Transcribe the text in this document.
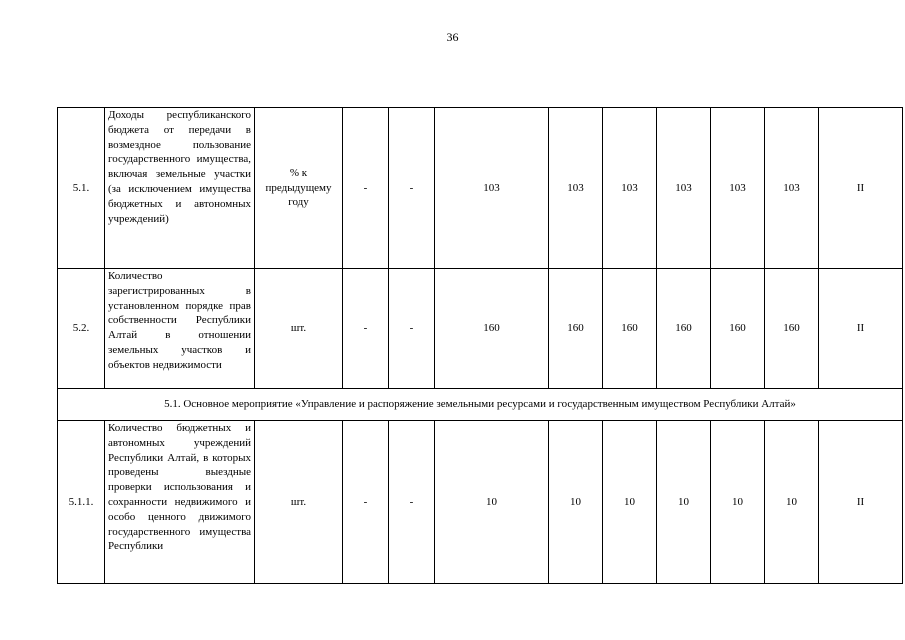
36
5.1.	Доходы республиканского бюджета от передачи в возмездное пользование государственного имущества, включая земельные участки (за исключением имущества бюджетных и автономных учреждений)	% к предыдущему году	-	-	103	103	103	103	103	103	II
5.2.	Количество зарегистрированных в установленном порядке прав собственности Республики Алтай в отношении земельных участков и объектов недвижимости	шт.	-	-	160	160	160	160	160	160	II
5.1. Основное мероприятие «Управление и распоряжение земельными ресурсами и государственным имуществом Республики Алтай»											
5.1.1.	Количество бюджетных и автономных учреждений Республики Алтай, в которых проведены выездные проверки использования и сохранности недвижимого и особо ценного движимого государственного имущества Республики	шт.	-	-	10	10	10	10	10	10	II
